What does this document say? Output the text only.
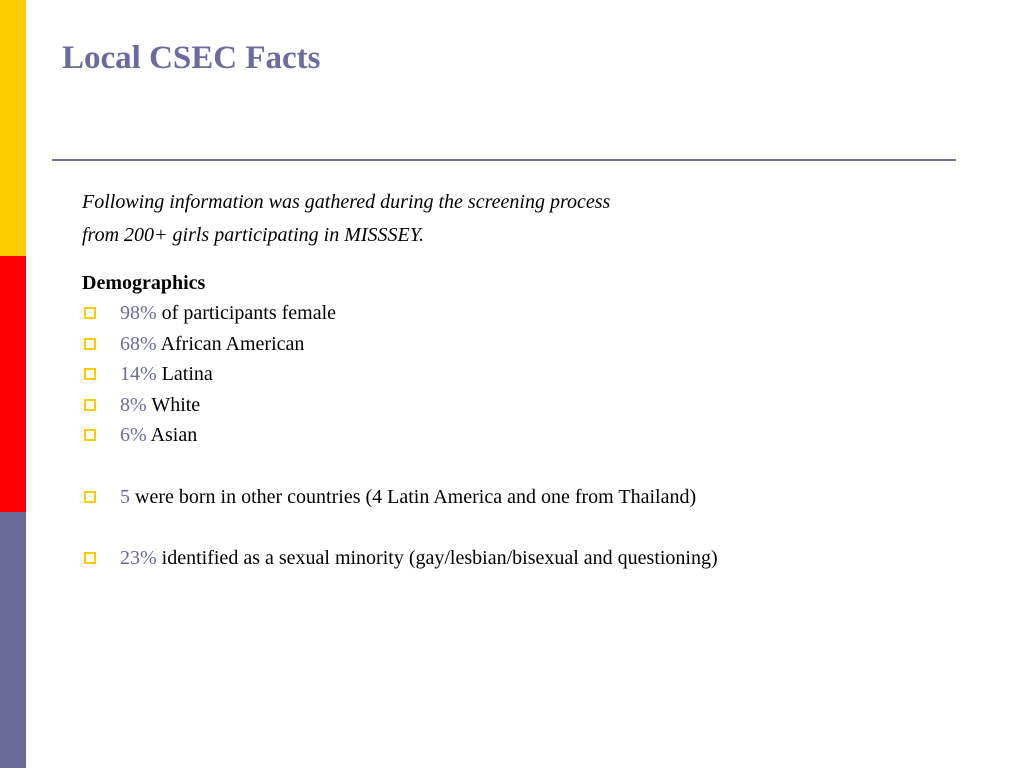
Local CSEC Facts
Following information was gathered during the screening process
from 200+ girls participating in MISSSEY.
Demographics
98% of participants female
68% African American
14% Latina
8% White
6% Asian
5 were born in other countries (4 Latin America and one from Thailand)
23% identified as a sexual minority (gay/lesbian/bisexual and questioning)
